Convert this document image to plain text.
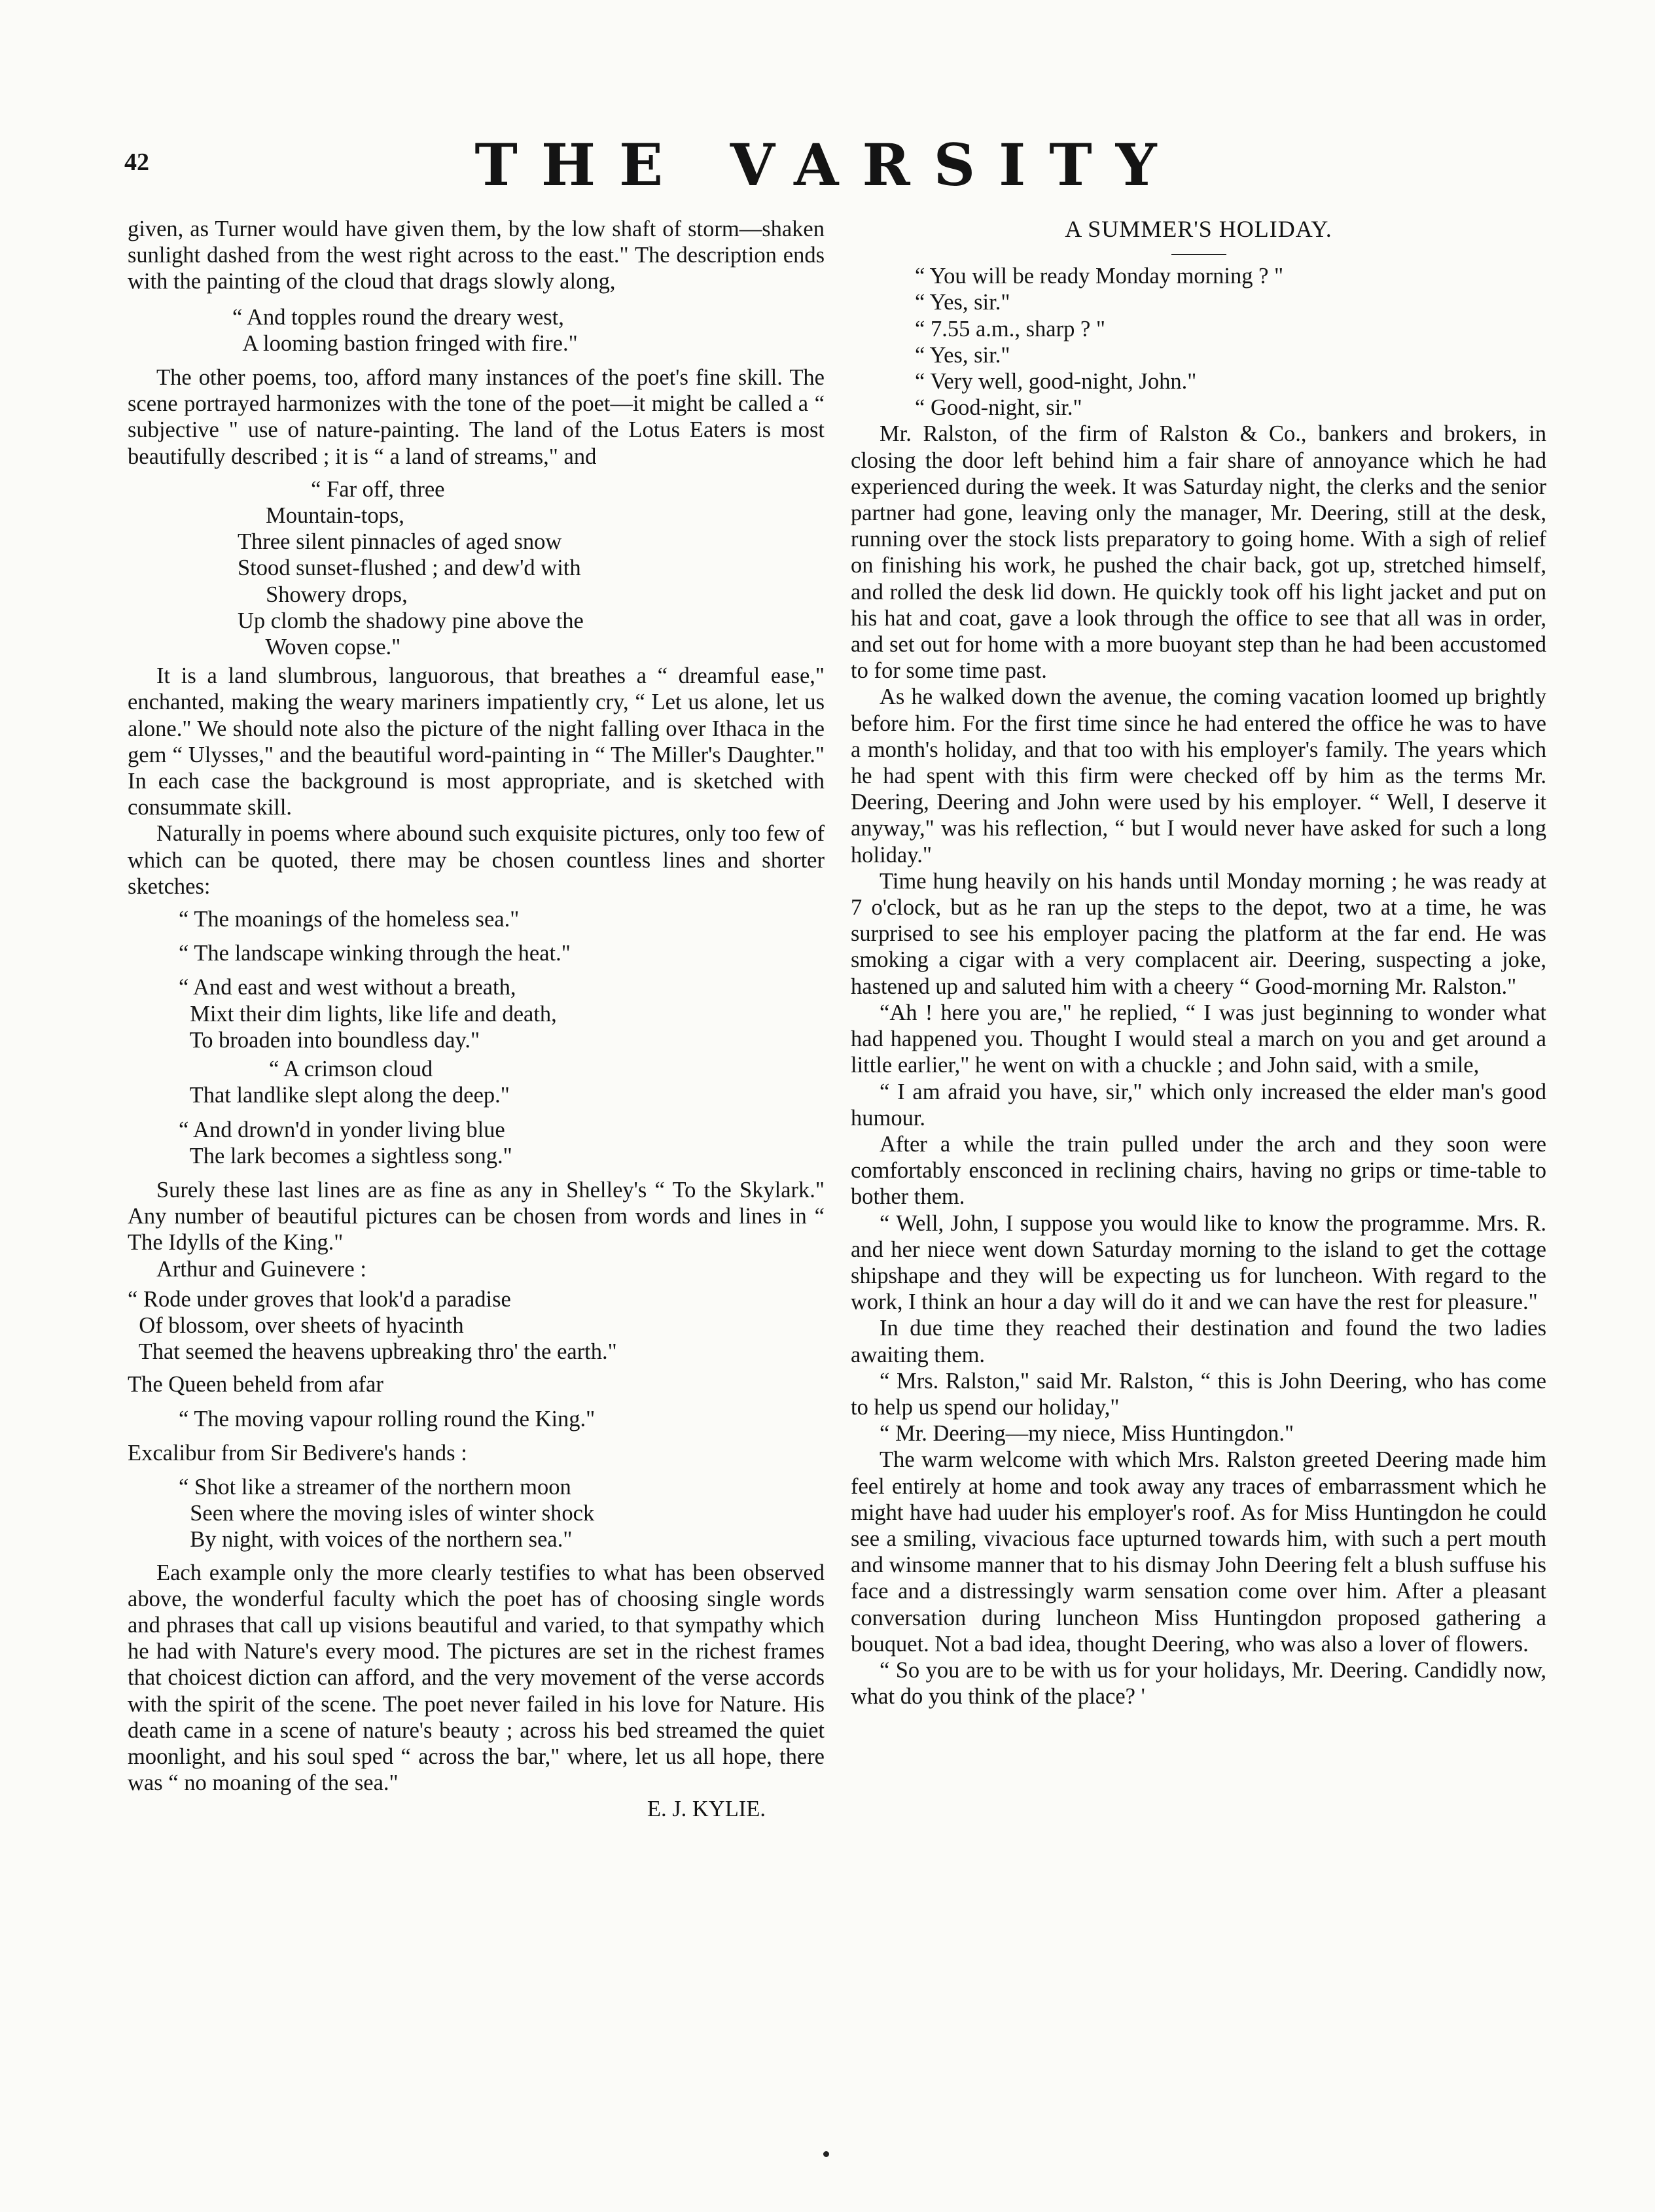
42	THE VARSITY

given, as Turner would have given them, by the low shaft of storm—shaken sunlight dashed from the west right across to the east." The description ends with the painting of the cloud that drags slowly along,

“ And topples round the dreary west,
A looming bastion fringed with fire."

The other poems, too, afford many instances of the poet's fine skill. The scene portrayed harmonizes with the tone of the poet—it might be called a “ subjective " use of nature-painting. The land of the Lotus Eaters is most beautifully described ; it is “ a land of streams," and

“ Far off, three
Mountain-tops,
Three silent pinnacles of aged snow
Stood sunset-flushed ; and dew'd with
Showery drops,
Up clomb the shadowy pine above the
Woven copse."

It is a land slumbrous, languorous, that breathes a “ dreamful ease," enchanted, making the weary mariners impatiently cry, “ Let us alone, let us alone." We should note also the picture of the night falling over Ithaca in the gem “ Ulysses," and the beautiful word-painting in “ The Miller's Daughter." In each case the background is most appropriate, and is sketched with consummate skill.

Naturally in poems where abound such exquisite pictures, only too few of which can be quoted, there may be chosen countless lines and shorter sketches:

“ The moanings of the homeless sea."
“ The landscape winking through the heat."
“ And east and west without a breath,
Mixt their dim lights, like life and death,
To broaden into boundless day."
“ A crimson cloud
That landlike slept along the deep."
“ And drown'd in yonder living blue
The lark becomes a sightless song."

Surely these last lines are as fine as any in Shelley's “ To the Skylark." Any number of beautiful pictures can be chosen from words and lines in “ The Idylls of the King."

Arthur and Guinevere :

“ Rode under groves that look'd a paradise
Of blossom, over sheets of hyacinth
That seemed the heavens upbreaking thro' the earth."

The Queen beheld from afar

“ The moving vapour rolling round the King."

Excalibur from Sir Bedivere's hands :

“ Shot like a streamer of the northern moon
Seen where the moving isles of winter shock
By night, with voices of the northern sea."

Each example only the more clearly testifies to what has been observed above, the wonderful faculty which the poet has of choosing single words and phrases that call up visions beautiful and varied, to that sympathy which he had with Nature's every mood. The pictures are set in the richest frames that choicest diction can afford, and the very movement of the verse accords with the spirit of the scene. The poet never failed in his love for Nature. His death came in a scene of nature's beauty ; across his bed streamed the quiet moonlight, and his soul sped “ across the bar," where, let us all hope, there was “ no moaning of the sea."

E. J. KYLIE.

A SUMMER'S HOLIDAY.

“ You will be ready Monday morning ? "
“ Yes, sir."
“ 7.55 a.m., sharp ? "
“ Yes, sir."
“ Very well, good-night, John."
“ Good-night, sir."

Mr. Ralston, of the firm of Ralston & Co., bankers and brokers, in closing the door left behind him a fair share of annoyance which he had experienced during the week. It was Saturday night, the clerks and the senior partner had gone, leaving only the manager, Mr. Deering, still at the desk, running over the stock lists preparatory to going home. With a sigh of relief on finishing his work, he pushed the chair back, got up, stretched himself, and rolled the desk lid down. He quickly took off his light jacket and put on his hat and coat, gave a look through the office to see that all was in order, and set out for home with a more buoyant step than he had been accustomed to for some time past.

As he walked down the avenue, the coming vacation loomed up brightly before him. For the first time since he had entered the office he was to have a month's holiday, and that too with his employer's family. The years which he had spent with this firm were checked off by him as the terms Mr. Deering, Deering and John were used by his employer. “ Well, I deserve it anyway," was his reflection, “ but I would never have asked for such a long holiday."

Time hung heavily on his hands until Monday morning ; he was ready at 7 o'clock, but as he ran up the steps to the depot, two at a time, he was surprised to see his employer pacing the platform at the far end. He was smoking a cigar with a very complacent air. Deering, suspecting a joke, hastened up and saluted him with a cheery “ Good-morning Mr. Ralston."

“Ah ! here you are," he replied, “ I was just beginning to wonder what had happened you. Thought I would steal a march on you and get around a little earlier," he went on with a chuckle ; and John said, with a smile,

“ I am afraid you have, sir," which only increased the elder man's good humour.

After a while the train pulled under the arch and they soon were comfortably ensconced in reclining chairs, having no grips or time-table to bother them.

“ Well, John, I suppose you would like to know the programme. Mrs. R. and her niece went down Saturday morning to the island to get the cottage shipshape and they will be expecting us for luncheon. With regard to the work, I think an hour a day will do it and we can have the rest for pleasure."

In due time they reached their destination and found the two ladies awaiting them.

“ Mrs. Ralston," said Mr. Ralston, “ this is John Deering, who has come to help us spend our holiday,"

“ Mr. Deering—my niece, Miss Huntingdon."

The warm welcome with which Mrs. Ralston greeted Deering made him feel entirely at home and took away any traces of embarrassment which he might have had uuder his employer's roof. As for Miss Huntingdon he could see a smiling, vivacious face upturned towards him, with such a pert mouth and winsome manner that to his dismay John Deering felt a blush suffuse his face and a distressingly warm sensation come over him. After a pleasant conversation during luncheon Miss Huntingdon proposed gathering a bouquet. Not a bad idea, thought Deering, who was also a lover of flowers.

“ So you are to be with us for your holidays, Mr. Deering. Candidly now, what do you think of the place? '
